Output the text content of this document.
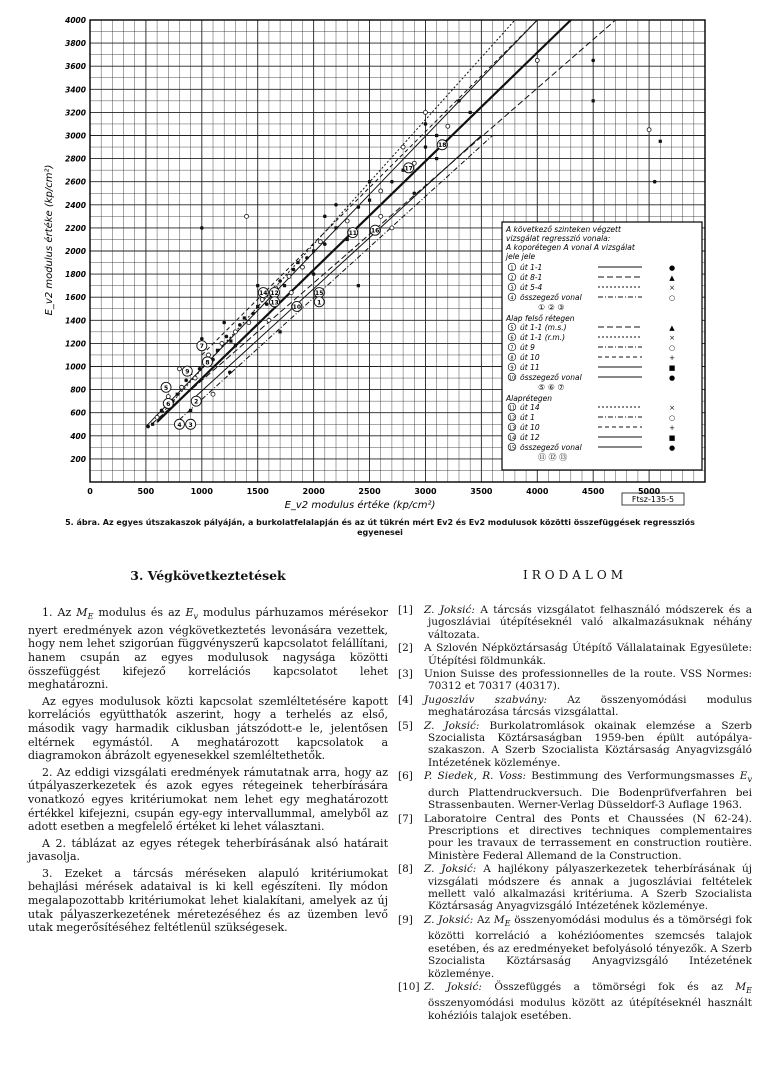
0	500	1000	1500	2000	2500	3000	3500	4000	4500	5000
200
400
600
800
1000
1200
1400
1600
1800
2000
2200
2400
2600
2800
3000
3200
3400
3600
3800
4000
5
6
4 3
9
8
7
2
14 12
13
10
15
1
11 16
17
18
A következő szinteken végzett
vizsgálat regresszió vonala:
A koporétegen A vonal A vizsgálat
jele jele
1 út 1-1	●
2 út 8-1	▲
3 út 5-4	×
4 összegező vonal	○
① ② ③
Alap felső rétegen
5 út 1-1 (m.s.)	▲
6 út 1-1 (r.m.)	×
7 út 9	○
8 út 10	+
9 út 11	■
10 összegező vonal	●
⑤ ⑥ ⑦
Alaprétegen
11 út 14	×
12 út 1	○
13 út 10	+
14 út 12	■
15 összegező vonal	●
⑪ ⑫ ⑬
E_v2 modulus értéke (kp/cm²)
E_v2 modulus értéke (kp/cm²)
Ftsz-135-5
5. ábra. Az egyes útszakaszok pályáján, a burkolatfelalapján és az út tükrén mért Ev2 és Ev2 modulusok közötti összefüggések regressziós egyenesei
3. Végkövetkeztetések

1. Az $M_E$ modulus és az $E_v$ modulus párhuzamos mérésekor nyert eredmények azon végkövetkeztetés levonására vezettek, hogy nem lehet szigorúan függvényszerű kapcsolatot felállítani, hanem csupán az egyes modulusok nagysága közötti összefüggést kifejező korrelációs kapcsolatot lehet meghatározni.

Az egyes modulusok közti kapcsolat szemléltetésére kapott korrelációs együtthatók aszerint, hogy a terhelés az első, második vagy harmadik ciklusban játszódott-e le, jelentősen eltérnek egymástól. A meghatározott kapcsolatok a diagramokon ábrázolt egyenesekkel szemléltethetők.

2. Az eddigi vizsgálati eredmények rámutatnak arra, hogy az útpályaszerkezetek és azok egyes rétegeinek teherbírására vonatkozó egyes kritériumokat nem lehet egy meghatározott értékkel kifejezni, csupán egy-egy intervallummal, amelyből az adott esetben a megfelelő értéket ki lehet választani.

A 2. táblázat az egyes rétegek teherbírásának alsó határait javasolja.

3. Ezeket a tárcsás méréseken alapuló kritériumokat behajlási mérések adataival is ki kell egészíteni. Ily módon megalapozottabb kritériumokat lehet kialakítani, amelyek az új utak pályaszerkezetének méretezéséhez és az üzemben levő utak megerősítéséhez feltétlenül szükségesek.

IRODALOM

[1] Z. Joksić: A tárcsás vizsgálatot felhasználó módszerek és a jugoszláviai útépítéseknél való alkalmazásuknak néhány változata.

[2] A Szlovén Népköztársaság Útépítő Vállalatainak Egyesülete: Útépítési földmunkák.

[3] Union Suisse des professionnelles de la route. VSS Normes: 70312 et 70317 (40317).

[4] Jugoszláv szabvány: Az összenyomódási modulus meghatározása tárcsás vizsgálattal.

[5] Z. Joksić: Burkolatromlások okainak elemzése a Szerb Szocialista Köztársaságban 1959-ben épült autópálya-szakaszon. A Szerb Szocialista Köztársaság Anyagvizsgáló Intézetének közleménye.

[6] P. Siedek, R. Voss: Bestimmung des Verformungsmasses $E_v$ durch Plattendruckversuch. Die Bodenprüfverfahren bei Strassenbauten. Werner-Verlag Düsseldorf-3 Auflage 1963.

[7] Laboratoire Central des Ponts et Chaussées (N 62-24). Prescriptions et directives techniques complementaires pour les travaux de terrassement en construction routière. Ministère Federal Allemand de la Construction.

[8] Z. Joksić: A hajlékony pályaszerkezetek teherbírásának új vizsgálati módszere és annak a jugoszláviai feltételek mellett való alkalmazási kritériuma. A Szerb Szocialista Köztársaság Anyagvizsgáló Intézetének közleménye.

[9] Z. Joksić: Az $M_E$ összenyomódási modulus és a tömörségi fok közötti korreláció a kohézióomentes szemcsés talajok esetében, és az eredményeket befolyásoló tényezők. A Szerb Szocialista Köztársaság Anyagvizsgáló Intézetének közleménye.

[10] Z. Joksić: Összefüggés a tömörségi fok és az $M_E$ összenyomódási modulus között az útépítéseknél használt kohézióis talajok esetében.
